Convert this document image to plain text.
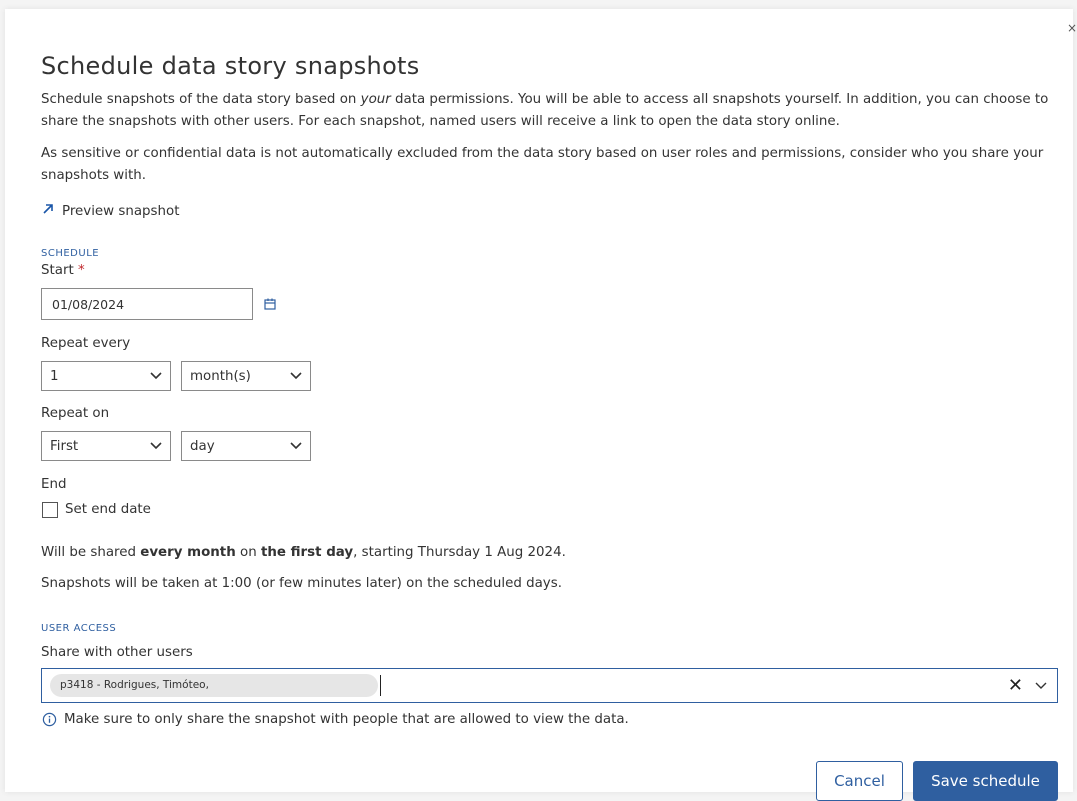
×
Schedule data story snapshots

Schedule snapshots of the data story based on your data permissions. You will be able to access all snapshots yourself. In addition, you can choose to share the snapshots with other users. For each snapshot, named users will receive a link to open the data story online.

As sensitive or confidential data is not automatically excluded from the data story based on user roles and permissions, consider who you share your snapshots with.

Preview snapshot
SCHEDULE
Start *
01/08/2024
Repeat every
1	month(s)
Repeat on
First	day
End
Set end date
Will be shared every month on the first day, starting Thursday 1 Aug 2024.
Snapshots will be taken at 1:00 (or few minutes later) on the scheduled days.
USER ACCESS
Share with other users
p3418 - Rodrigues, Timóteo,	✕
Make sure to only share the snapshot with people that are allowed to view the data.
Cancel	Save schedule
